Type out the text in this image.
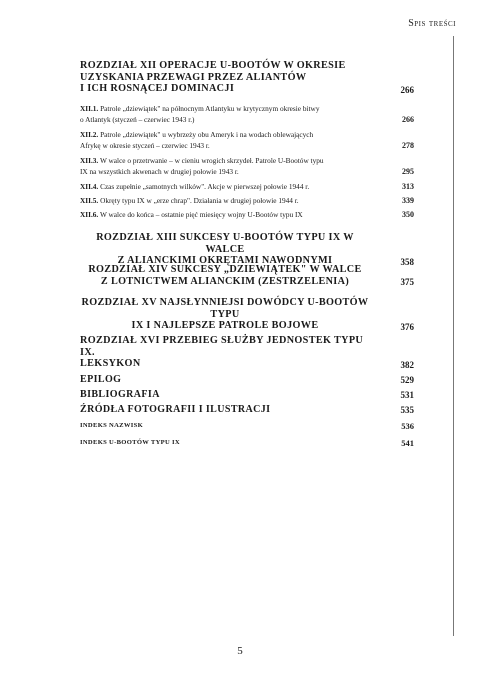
Spis treści
ROZDZIAŁ XII OPERACJE U-BOOTÓW W OKRESIE
UZYSKANIA PRZEWAGI PRZEZ ALIANTÓW
I ICH ROSNĄCEJ DOMINACJI	266
XII.1. Patrole „dziewiątek" na północnym Atlantyku w krytycznym okresie bitwy
o Atlantyk (styczeń – czerwiec 1943 r.)	266
XII.2. Patrole „dziewiątek" u wybrzeży obu Ameryk i na wodach oblewających
Afrykę w okresie styczeń – czerwiec 1943 r.	278
XII.3. W walce o przetrwanie – w cieniu wrogich skrzydeł. Patrole U-Bootów typu
IX na wszystkich akwenach w drugiej połowie 1943 r.	295
XII.4. Czas zupełnie „samotnych wilków". Akcje w pierwszej połowie 1944 r.	313
XII.5. Okręty typu IX w „erze chrap". Działania w drugiej połowie 1944 r.	339
XII.6. W walce do końca – ostatnie pięć miesięcy wojny U-Bootów typu IX	350
ROZDZIAŁ XIII SUKCESY U-BOOTÓW TYPU IX W WALCE
Z ALIANCKIMI OKRĘTAMI NAWODNYMI	358
ROZDZIAŁ XIV SUKCESY „DZIEWIĄTEK" W WALCE
Z LOTNICTWEM ALIANCKIM (ZESTRZELENIA)	375
ROZDZIAŁ XV NAJSŁYNNIEJSI DOWÓDCY U-BOOTÓW TYPU
IX I NAJLEPSZE PATROLE BOJOWE	376
ROZDZIAŁ XVI PRZEBIEG SŁUŻBY JEDNOSTEK TYPU IX.
LEKSYKON	382
EPILOG	529
BIBLIOGRAFIA	531
ŹRÓDŁA FOTOGRAFII I ILUSTRACJI	535
INDEKS NAZWISK	536
INDEKS U-BOOTÓW TYPU IX	541
5
